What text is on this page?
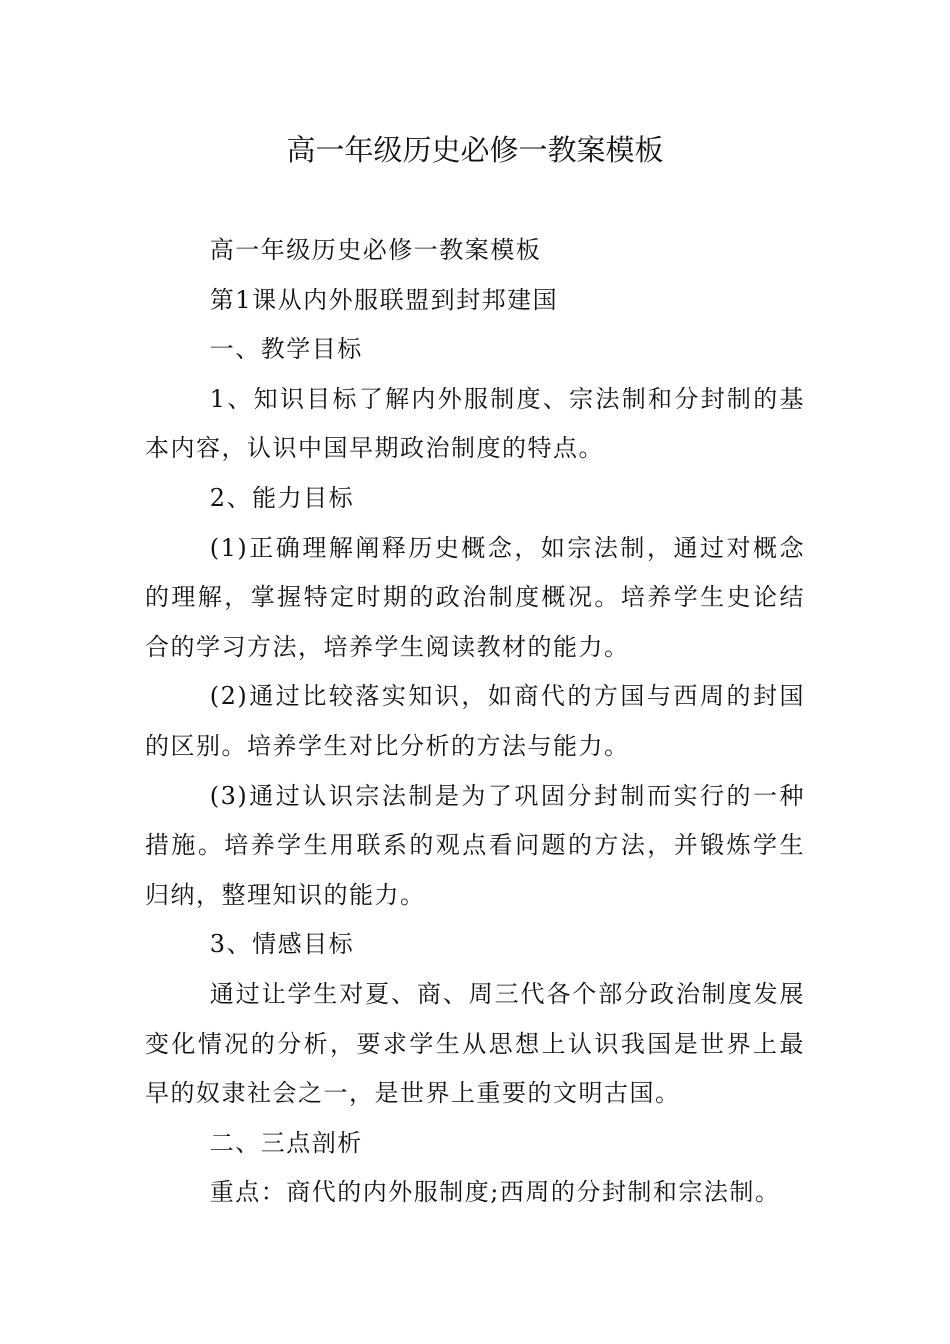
高一年级历史必修一教案模板

高一年级历史必修一教案模板

第1课从内外服联盟到封邦建国

一、教学目标

1、知识目标了解内外服制度、宗法制和分封制的基本内容，认识中国早期政治制度的特点。

2、能力目标

(1)正确理解阐释历史概念，如宗法制，通过对概念的理解，掌握特定时期的政治制度概况。培养学生史论结合的学习方法，培养学生阅读教材的能力。

(2)通过比较落实知识，如商代的方国与西周的封国的区别。培养学生对比分析的方法与能力。

(3)通过认识宗法制是为了巩固分封制而实行的一种措施。培养学生用联系的观点看问题的方法，并锻炼学生归纳，整理知识的能力。

3、情感目标

通过让学生对夏、商、周三代各个部分政治制度发展变化情况的分析，要求学生从思想上认识我国是世界上最早的奴隶社会之一，是世界上重要的文明古国。

二、三点剖析

重点：商代的内外服制度;西周的分封制和宗法制。
